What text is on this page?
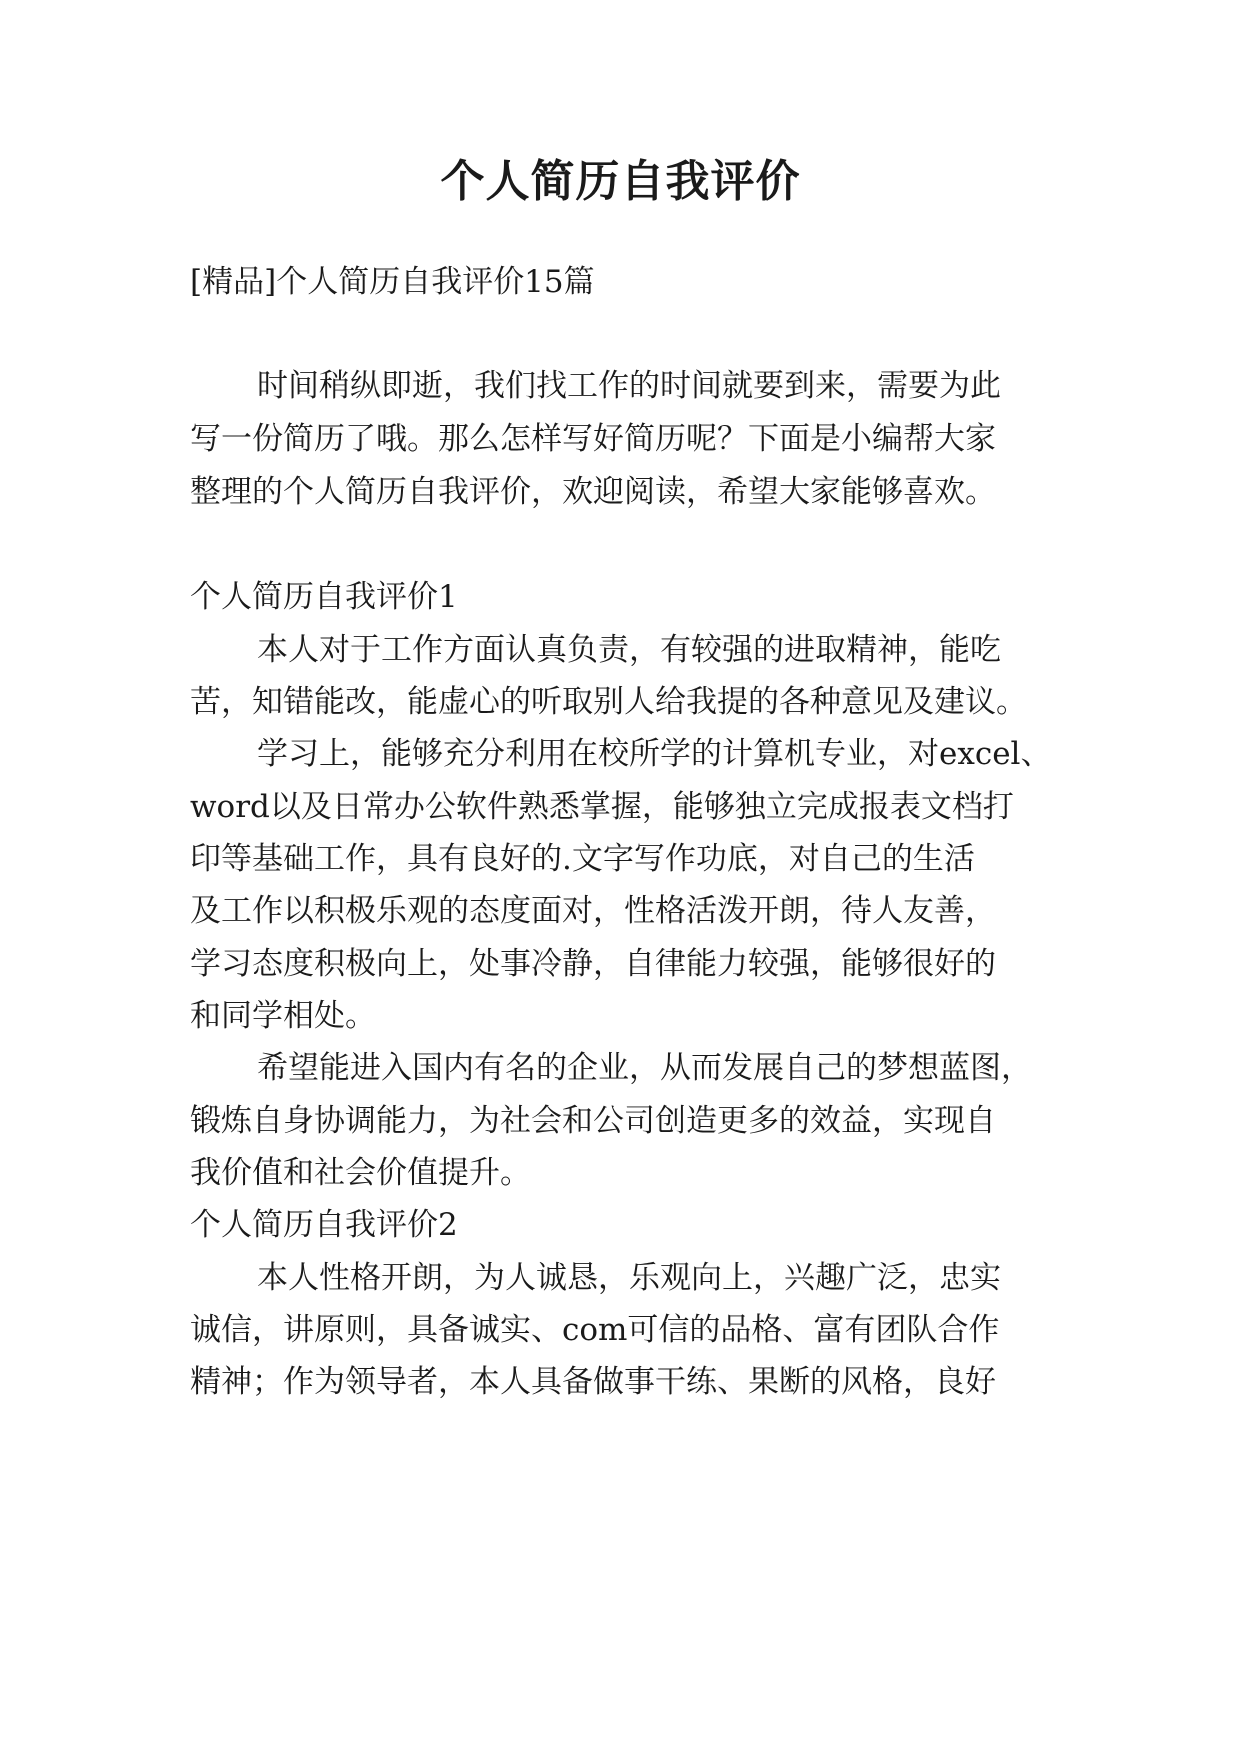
个人简历自我评价

[精品]个人简历自我评价15篇

时间稍纵即逝，我们找工作的时间就要到来，需要为此

写一份简历了哦。那么怎样写好简历呢？下面是小编帮大家

整理的个人简历自我评价，欢迎阅读，希望大家能够喜欢。

个人简历自我评价1

本人对于工作方面认真负责，有较强的进取精神，能吃

苦，知错能改，能虚心的听取别人给我提的各种意见及建议。

学习上，能够充分利用在校所学的计算机专业，对excel、

word以及日常办公软件熟悉掌握，能够独立完成报表文档打

印等基础工作，具有良好的.文字写作功底，对自己的生活

及工作以积极乐观的态度面对，性格活泼开朗，待人友善，

学习态度积极向上，处事冷静，自律能力较强，能够很好的

和同学相处。

希望能进入国内有名的企业，从而发展自己的梦想蓝图，

锻炼自身协调能力，为社会和公司创造更多的效益，实现自

我价值和社会价值提升。

个人简历自我评价2

本人性格开朗，为人诚恳，乐观向上，兴趣广泛，忠实

诚信，讲原则，具备诚实、com可信的品格、富有团队合作

精神；作为领导者，本人具备做事干练、果断的风格，良好
